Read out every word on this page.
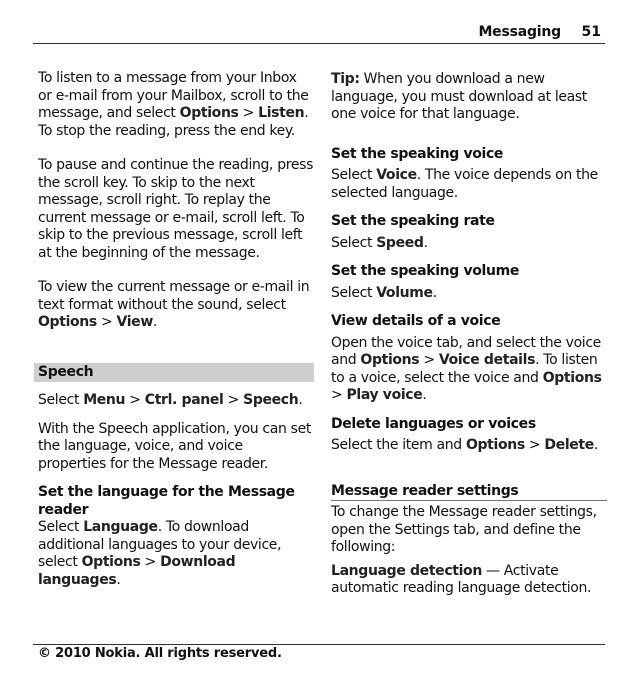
Messaging 51

To listen to a message from your Inbox or e-mail from your Mailbox, scroll to the message, and select Options > Listen. To stop the reading, press the end key.

To pause and continue the reading, press the scroll key. To skip to the next message, scroll right. To replay the current message or e-mail, scroll left. To skip to the previous message, scroll left at the beginning of the message.

To view the current message or e-mail in text format without the sound, select Options > View.

Speech

Select Menu > Ctrl. panel > Speech.

With the Speech application, you can set the language, voice, and voice properties for the Message reader.

Set the language for the Message reader

Select Language. To download additional languages to your device, select Options > Download languages.

Tip: When you download a new language, you must download at least one voice for that language.

Set the speaking voice

Select Voice. The voice depends on the selected language.

Set the speaking rate

Select Speed.

Set the speaking volume

Select Volume.

View details of a voice

Open the voice tab, and select the voice and Options > Voice details. To listen to a voice, select the voice and Options > Play voice.

Delete languages or voices

Select the item and Options > Delete.

Message reader settings

To change the Message reader settings, open the Settings tab, and define the following:

Language detection — Activate automatic reading language detection.

© 2010 Nokia. All rights reserved.
